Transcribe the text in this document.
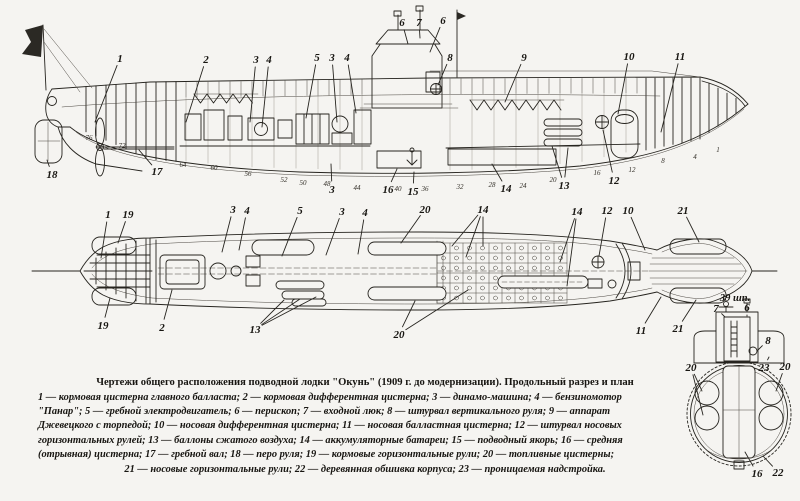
1	2	3 4	5 3 4
6 7 6
8	9	10	11
18	17
3	16 15	14	13	12
76
72
64	60
56
52 50 48	44	40	36	32	28	24
20
16	12
8	4
1
1 19	3 4	5	3 4	20	14	14 12 10	21
19	2	13	20	11 21
7 6
8
20	23 20
16 22
39 шп.
Чертежи общего расположения подводной лодки "Окунь" (1909 г. до модернизации). Продольный разрез и план
1 — кормовая цистерна главного балласта; 2 — кормовая дифферентная цистерна; 3 — динамо-машина; 4 — бензиномотор
"Панар"; 5 — гребной электродвигатель; 6 — перископ; 7 — входной люк; 8 — штурвал вертикального руля; 9 — аппарат
Джевецкого с торпедой; 10 — носовая дифферентная цистерна; 11 — носовая балластная цистерна; 12 — штурвал носовых
горизонтальных рулей; 13 — баллоны сжатого воздуха; 14 — аккумуляторные батареи; 15 — подводный якорь; 16 — средняя
(отрывная) цистерна; 17 — гребной вал; 18 — перо руля; 19 — кормовые горизонтальные рули; 20 — топливные цистерны;
21 — носовые горизонтальные рули; 22 — деревянная обшивка корпуса; 23 — проницаемая надстройка.
